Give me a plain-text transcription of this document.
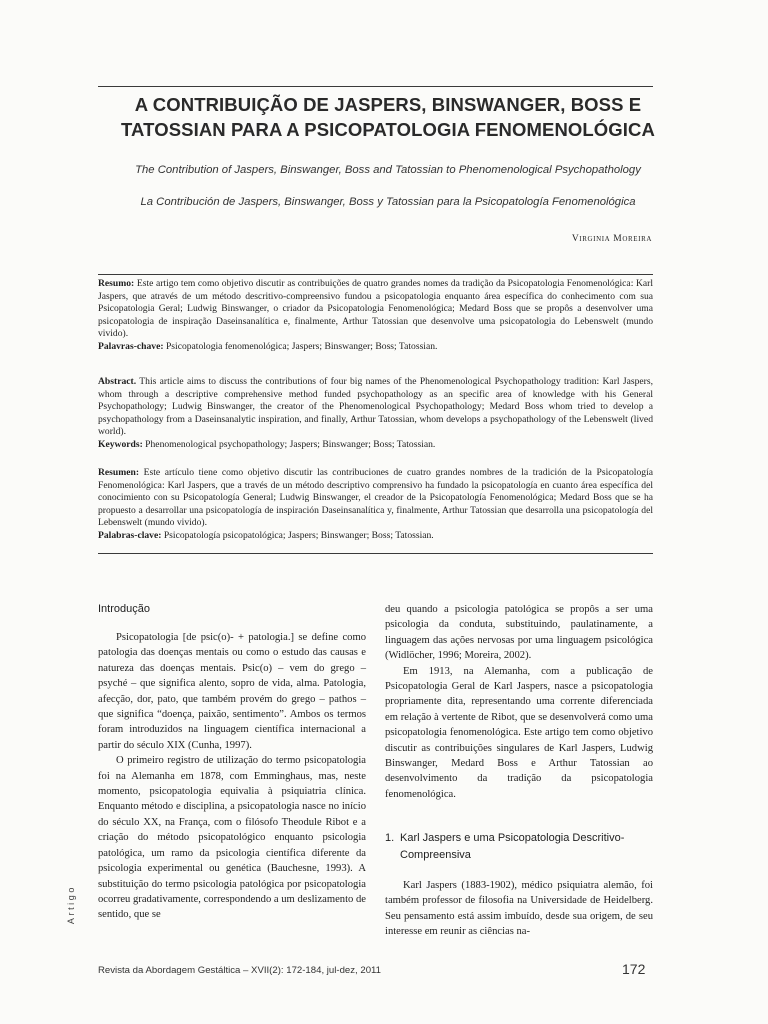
A CONTRIBUIÇÃO DE JASPERS, BINSWANGER, BOSS E TATOSSIAN PARA A PSICOPATOLOGIA FENOMENOLÓGICA
The Contribution of Jaspers, Binswanger, Boss and Tatossian to Phenomenological Psychopathology
La Contribución de Jaspers, Binswanger, Boss y Tatossian para la Psicopatología Fenomenológica
Virginia Moreira
Resumo: Este artigo tem como objetivo discutir as contribuições de quatro grandes nomes da tradição da Psicopatologia Fenomenológica: Karl Jaspers, que através de um método descritivo-compreensivo fundou a psicopatologia enquanto área específica do conhecimento com sua Psicopatologia Geral; Ludwig Binswanger, o criador da Psicopatologia Fenomenológica; Medard Boss que se propôs a desenvolver uma psicopatologia de inspiração Daseinsanalítica e, finalmente, Arthur Tatossian que desenvolve uma psicopatologia do Lebenswelt (mundo vivido).
Palavras-chave: Psicopatologia fenomenológica; Jaspers; Binswanger; Boss; Tatossian.
Abstract. This article aims to discuss the contributions of four big names of the Phenomenological Psychopathology tradition: Karl Jaspers, whom through a descriptive comprehensive method funded psychopathology as an specific area of knowledge with his General Psychopathology; Ludwig Binswanger, the creator of the Phenomenological Psychopathology; Medard Boss whom tried to develop a psychopathology from a Daseinsanalytic inspiration, and finally, Arthur Tatossian, whom develops a psychopathology of the Lebenswelt (lived world).
Keywords: Phenomenological psychopathology; Jaspers; Binswanger; Boss; Tatossian.
Resumen: Este artículo tiene como objetivo discutir las contribuciones de cuatro grandes nombres de la tradición de la Psicopatología Fenomenológica: Karl Jaspers, que a través de un método descriptivo comprensivo ha fundado la psicopatología en cuanto área específica del conocimiento con su Psicopatología General; Ludwig Binswanger, el creador de la Psicopatología Fenomenológica; Medard Boss que se ha propuesto a desarrollar una psicopatología de inspiración Daseinsanalítica y, finalmente, Arthur Tatossian que desarrolla una psicopatología del Lebenswelt (mundo vivido).
Palabras-clave: Psicopatología psicopatológica; Jaspers; Binswanger; Boss; Tatossian.
Introdução

Psicopatologia [de psic(o)- + patologia.] se define como patologia das doenças mentais ou como o estudo das causas e natureza das doenças mentais. Psic(o) – vem do grego – psyché – que significa alento, sopro de vida, alma. Patologia, afecção, dor, pato, que também provém do grego – pathos – que significa “doença, paixão, sentimento”. Ambos os termos foram introduzidos na linguagem científica internacional a partir do século XIX (Cunha, 1997).

O primeiro registro de utilização do termo psicopatologia foi na Alemanha em 1878, com Emminghaus, mas, neste momento, psicopatologia equivalia à psiquiatria clínica. Enquanto método e disciplina, a psicopatologia nasce no início do século XX, na França, com o filósofo Theodule Ribot e a criação do método psicopatológico enquanto psicologia patológica, um ramo da psicologia científica diferente da psicologia experimental ou genética (Bauchesne, 1993). A substituição do termo psicologia patológica por psicopatologia ocorreu gradativamente, correspondendo a um deslizamento de sentido, que se

deu quando a psicologia patológica se propôs a ser uma psicologia da conduta, substituindo, paulatinamente, a linguagem das ações nervosas por uma linguagem psicológica (Widlöcher, 1996; Moreira, 2002).

Em 1913, na Alemanha, com a publicação de Psicopatologia Geral de Karl Jaspers, nasce a psicopatologia propriamente dita, representando uma corrente diferenciada em relação à vertente de Ribot, que se desenvolverá como uma psicopatologia fenomenológica. Este artigo tem como objetivo discutir as contribuições singulares de Karl Jaspers, Ludwig Binswanger, Medard Boss e Arthur Tatossian ao desenvolvimento da tradição da psicopatologia fenomenológica.

1. Karl Jaspers e uma Psicopatologia Descritivo-Compreensiva

Karl Jaspers (1883-1902), médico psiquiatra alemão, foi também professor de filosofia na Universidade de Heidelberg. Seu pensamento está assim imbuído, desde sua origem, de seu interesse em reunir as ciências na-

Artigo
Revista da Abordagem Gestáltica – XVII(2): 172-184, jul-dez, 2011	172
